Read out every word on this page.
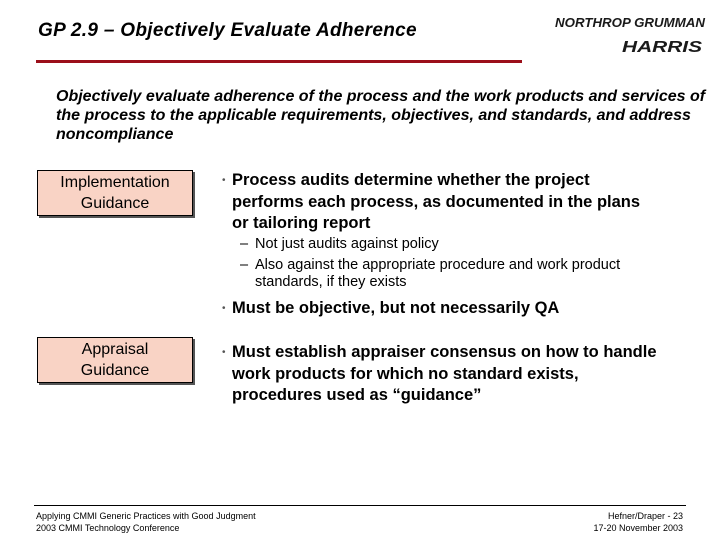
GP 2.9 – Objectively Evaluate Adherence	NORTHROP GRUMMAN
HARRIS
Objectively evaluate adherence of the process and the work products and services of the process to the applicable requirements, objectives, and standards, and address noncompliance
Implementation
Guidance
• Process audits determine whether the project
performs each process, as documented in the plans
or tailoring report
– Not just audits against policy
– Also against the appropriate procedure and work product
standards, if they exists
• Must be objective, but not necessarily QA
Appraisal
Guidance
• Must establish appraiser consensus on how to handle
work products for which no standard exists,
procedures used as “guidance”
Applying CMMI Generic Practices with Good Judgment
2003 CMMI Technology Conference
Hefner/Draper - 23
17-20 November 2003
